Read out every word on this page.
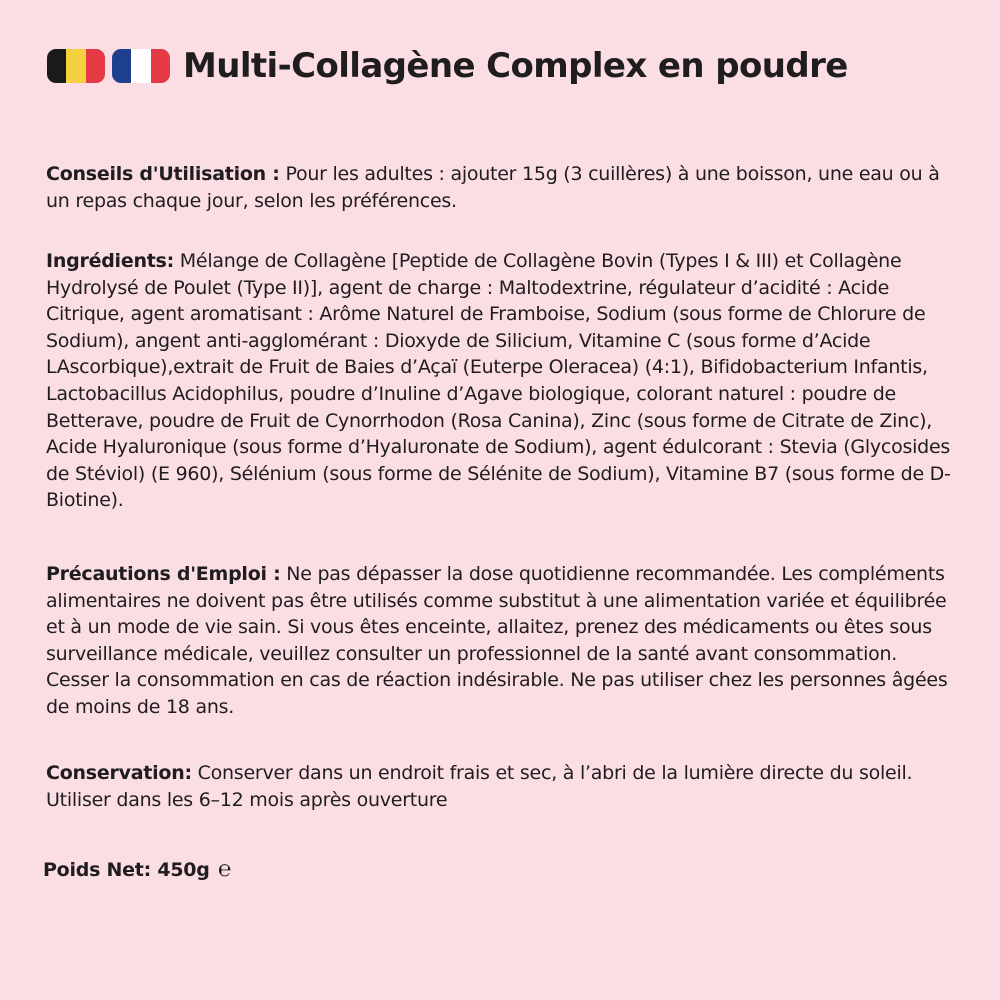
Multi-Collagène Complex en poudre

Conseils d'Utilisation : Pour les adultes : ajouter 15g (3 cuillères) à une boisson, une eau ou à un repas chaque jour, selon les préférences.

Ingrédients: Mélange de Collagène [Peptide de Collagène Bovin (Types I & III) et Collagène Hydrolysé de Poulet (Type II)], agent de charge : Maltodextrine, régulateur d’acidité : Acide Citrique, agent aromatisant : Arôme Naturel de Framboise, Sodium (sous forme de Chlorure de Sodium), angent anti-agglomérant : Dioxyde de Silicium, Vitamine C (sous forme d’Acide LAscorbique),extrait de Fruit de Baies d’Açaï (Euterpe Oleracea) (4:1), Bifidobacterium Infantis, Lactobacillus Acidophilus, poudre d’Inuline d’Agave biologique, colorant naturel : poudre de Betterave, poudre de Fruit de Cynorrhodon (Rosa Canina), Zinc (sous forme de Citrate de Zinc), Acide Hyaluronique (sous forme d’Hyaluronate de Sodium), agent édulcorant : Stevia (Glycosides de Stéviol) (E 960), Sélénium (sous forme de Sélénite de Sodium), Vitamine B7 (sous forme de D-Biotine).

Précautions d'Emploi : Ne pas dépasser la dose quotidienne recommandée. Les compléments alimentaires ne doivent pas être utilisés comme substitut à une alimentation variée et équilibrée et à un mode de vie sain. Si vous êtes enceinte, allaitez, prenez des médicaments ou êtes sous surveillance médicale, veuillez consulter un professionnel de la santé avant consommation. Cesser la consommation en cas de réaction indésirable. Ne pas utiliser chez les personnes âgées de moins de 18 ans.

Conservation: Conserver dans un endroit frais et sec, à l’abri de la lumière directe du soleil. Utiliser dans les 6–12 mois après ouverture

Poids Net: 450g ℮
